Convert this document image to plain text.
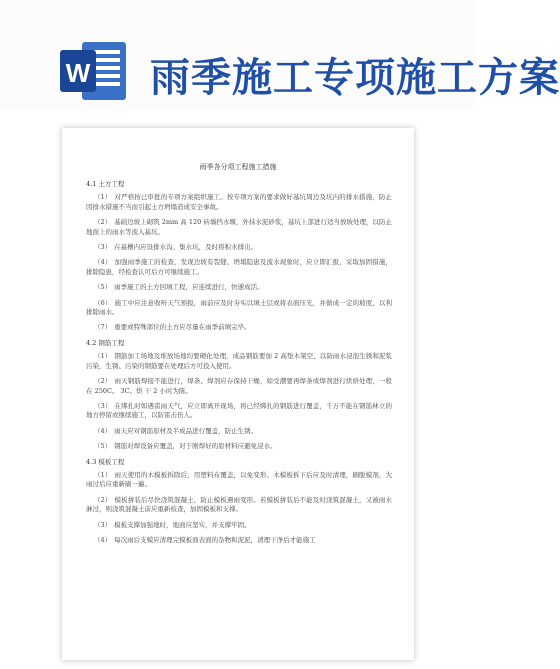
W 雨季施工专项施工方案
雨季各分项工程施工措施
4.1 土方工程
（1） 对严格按已审批的专项方案组织施工。按专项方案的要求做好基坑周边及坑内的排水措施，防止因排水措施不当而引起土方坍塌造成安全事故。
（2） 基础边坡上砌筑 2mm 高 120 砖墙挡水堰，外抹水泥砂浆，基坑上部进行适当放坡处理，以防止地面上的雨水等流入基坑。
（3） 在基槽内应设排水沟、集水坑，及时将积水排出。
（4） 加强雨季施工的检查，发现边坡有裂缝、坍塌隐患及流水现象时，应立即汇报，采取加固措施，排除隐患，经检查认可后方可继续施工。
（5） 雨季施工的土方回填工程，应连续进行，快速成活。
（6） 施工中应注意收听天气预报，雨前应及时夯实以填土层或将表面压光，并做成一定的坡度，以利排除雨水。
（7） 重要或特殊部位的土方应尽量在雨季前填完毕。
4.2 钢筋工程
（1） 钢筋加工场地及堆放场地均要硬化处理，成品钢筋要加 2 高垫木架空，以防雨水浸泡生锈和泥浆污染，生锈、污染的钢筋要在处理后方可投入使用。
（2） 雨天钢筋焊接不能进行，焊条、焊剂应存保持干燥，如受潮要再焊条或焊剂进行烘焙处理，一般在 250C。 3C。烘 干 2 小时为陈。
（3） 在绑扎时如遇雷雨天气，应立即离开现场，将已经绑扎的钢筋进行覆盖，千万不能在钢筋林立的地方停留或继续施工，以防雷击伤人。
（4） 雨天应对钢筋原材及半成品进行覆盖，防止生锈。
（5） 钢筋对焊设备应覆盖，对于刚焊好的原材料应避免浸水。
4.3 模板工程
（1） 雨天使用的木模板拆除后，用塑料布覆盖，以免变形。木模板拆下后应及时清理，刷脱模剂，大雨过后应重新刷一遍。
（2） 模板拼装后尽快浇筑混凝土，防止模板遇雨变形。若模板拼装后不能及时浇筑混凝土，又被雨水淋过，则浇筑混凝土前应重新检查，加固模板和支撑。
（3） 模板支撑加强地时，地面应坚实，并支撑牢固。
（4） 每次雨后支模应清理完模板面表面的杂物和泥泥，清理干净后才能施工
